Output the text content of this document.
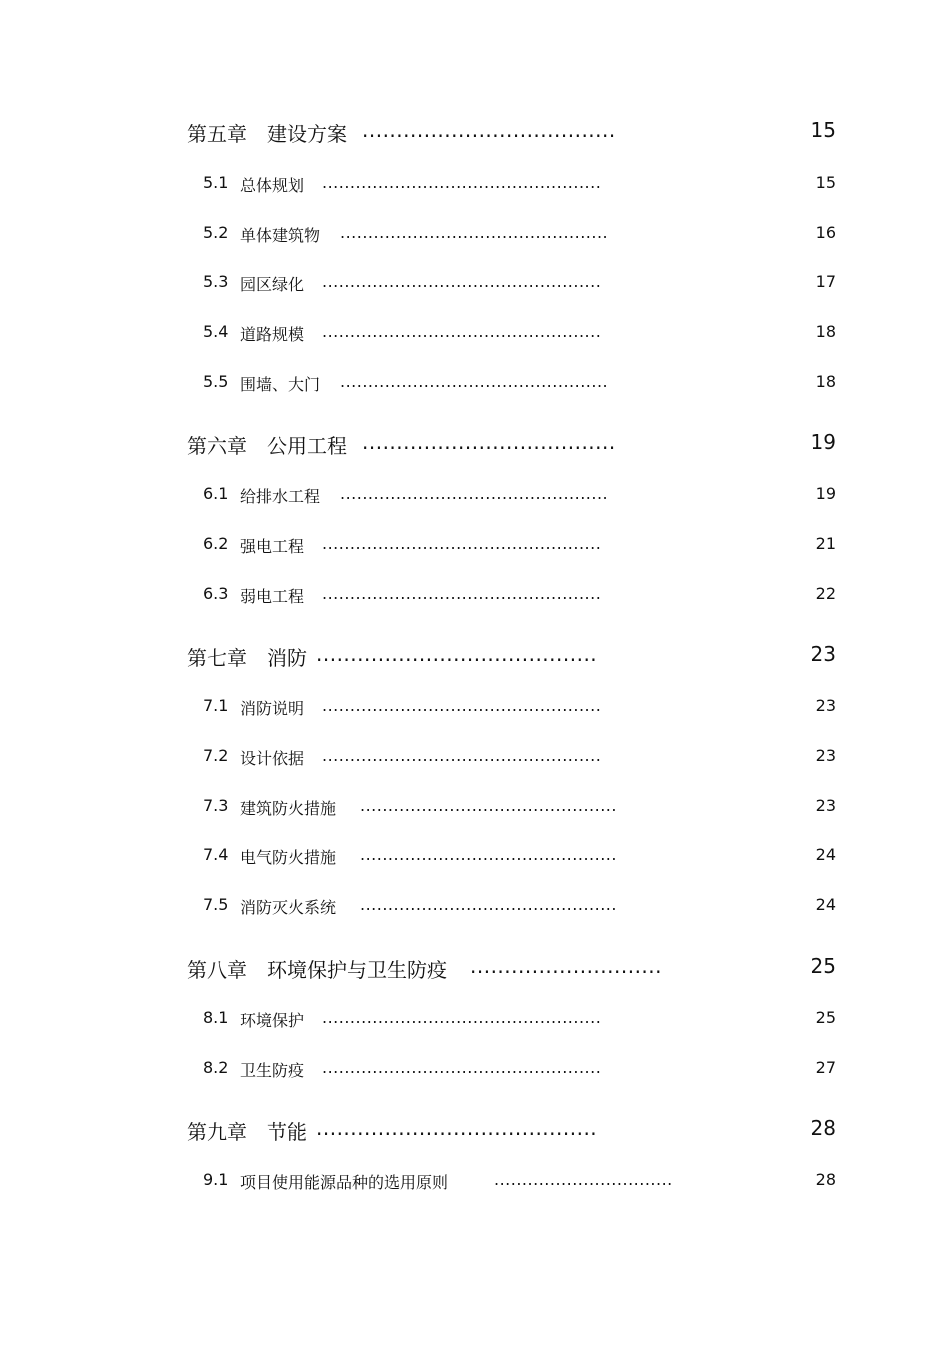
第五章 建设方案 .....................................	15
5.1 总体规划 ..................................................	15
5.2 单体建筑物 ................................................	16
5.3 园区绿化 ..................................................	17
5.4 道路规模 ..................................................	18
5.5 围墙、大门 ................................................	18
第六章 公用工程 .....................................	19
6.1 给排水工程 ................................................	19
6.2 强电工程 ..................................................	21
6.3 弱电工程 ..................................................	22
第七章 消防 .........................................	23
7.1 消防说明 ..................................................	23
7.2 设计依据 ..................................................	23
7.3 建筑防火措施 ..............................................	23
7.4 电气防火措施 ..............................................	24
7.5 消防灭火系统 ..............................................	24
第八章 环境保护与卫生防疫 ............................	25
8.1 环境保护 ..................................................	25
8.2 卫生防疫 ..................................................	27
第九章 节能 .........................................	28
9.1 项目使用能源品种的选用原则	................................	28
